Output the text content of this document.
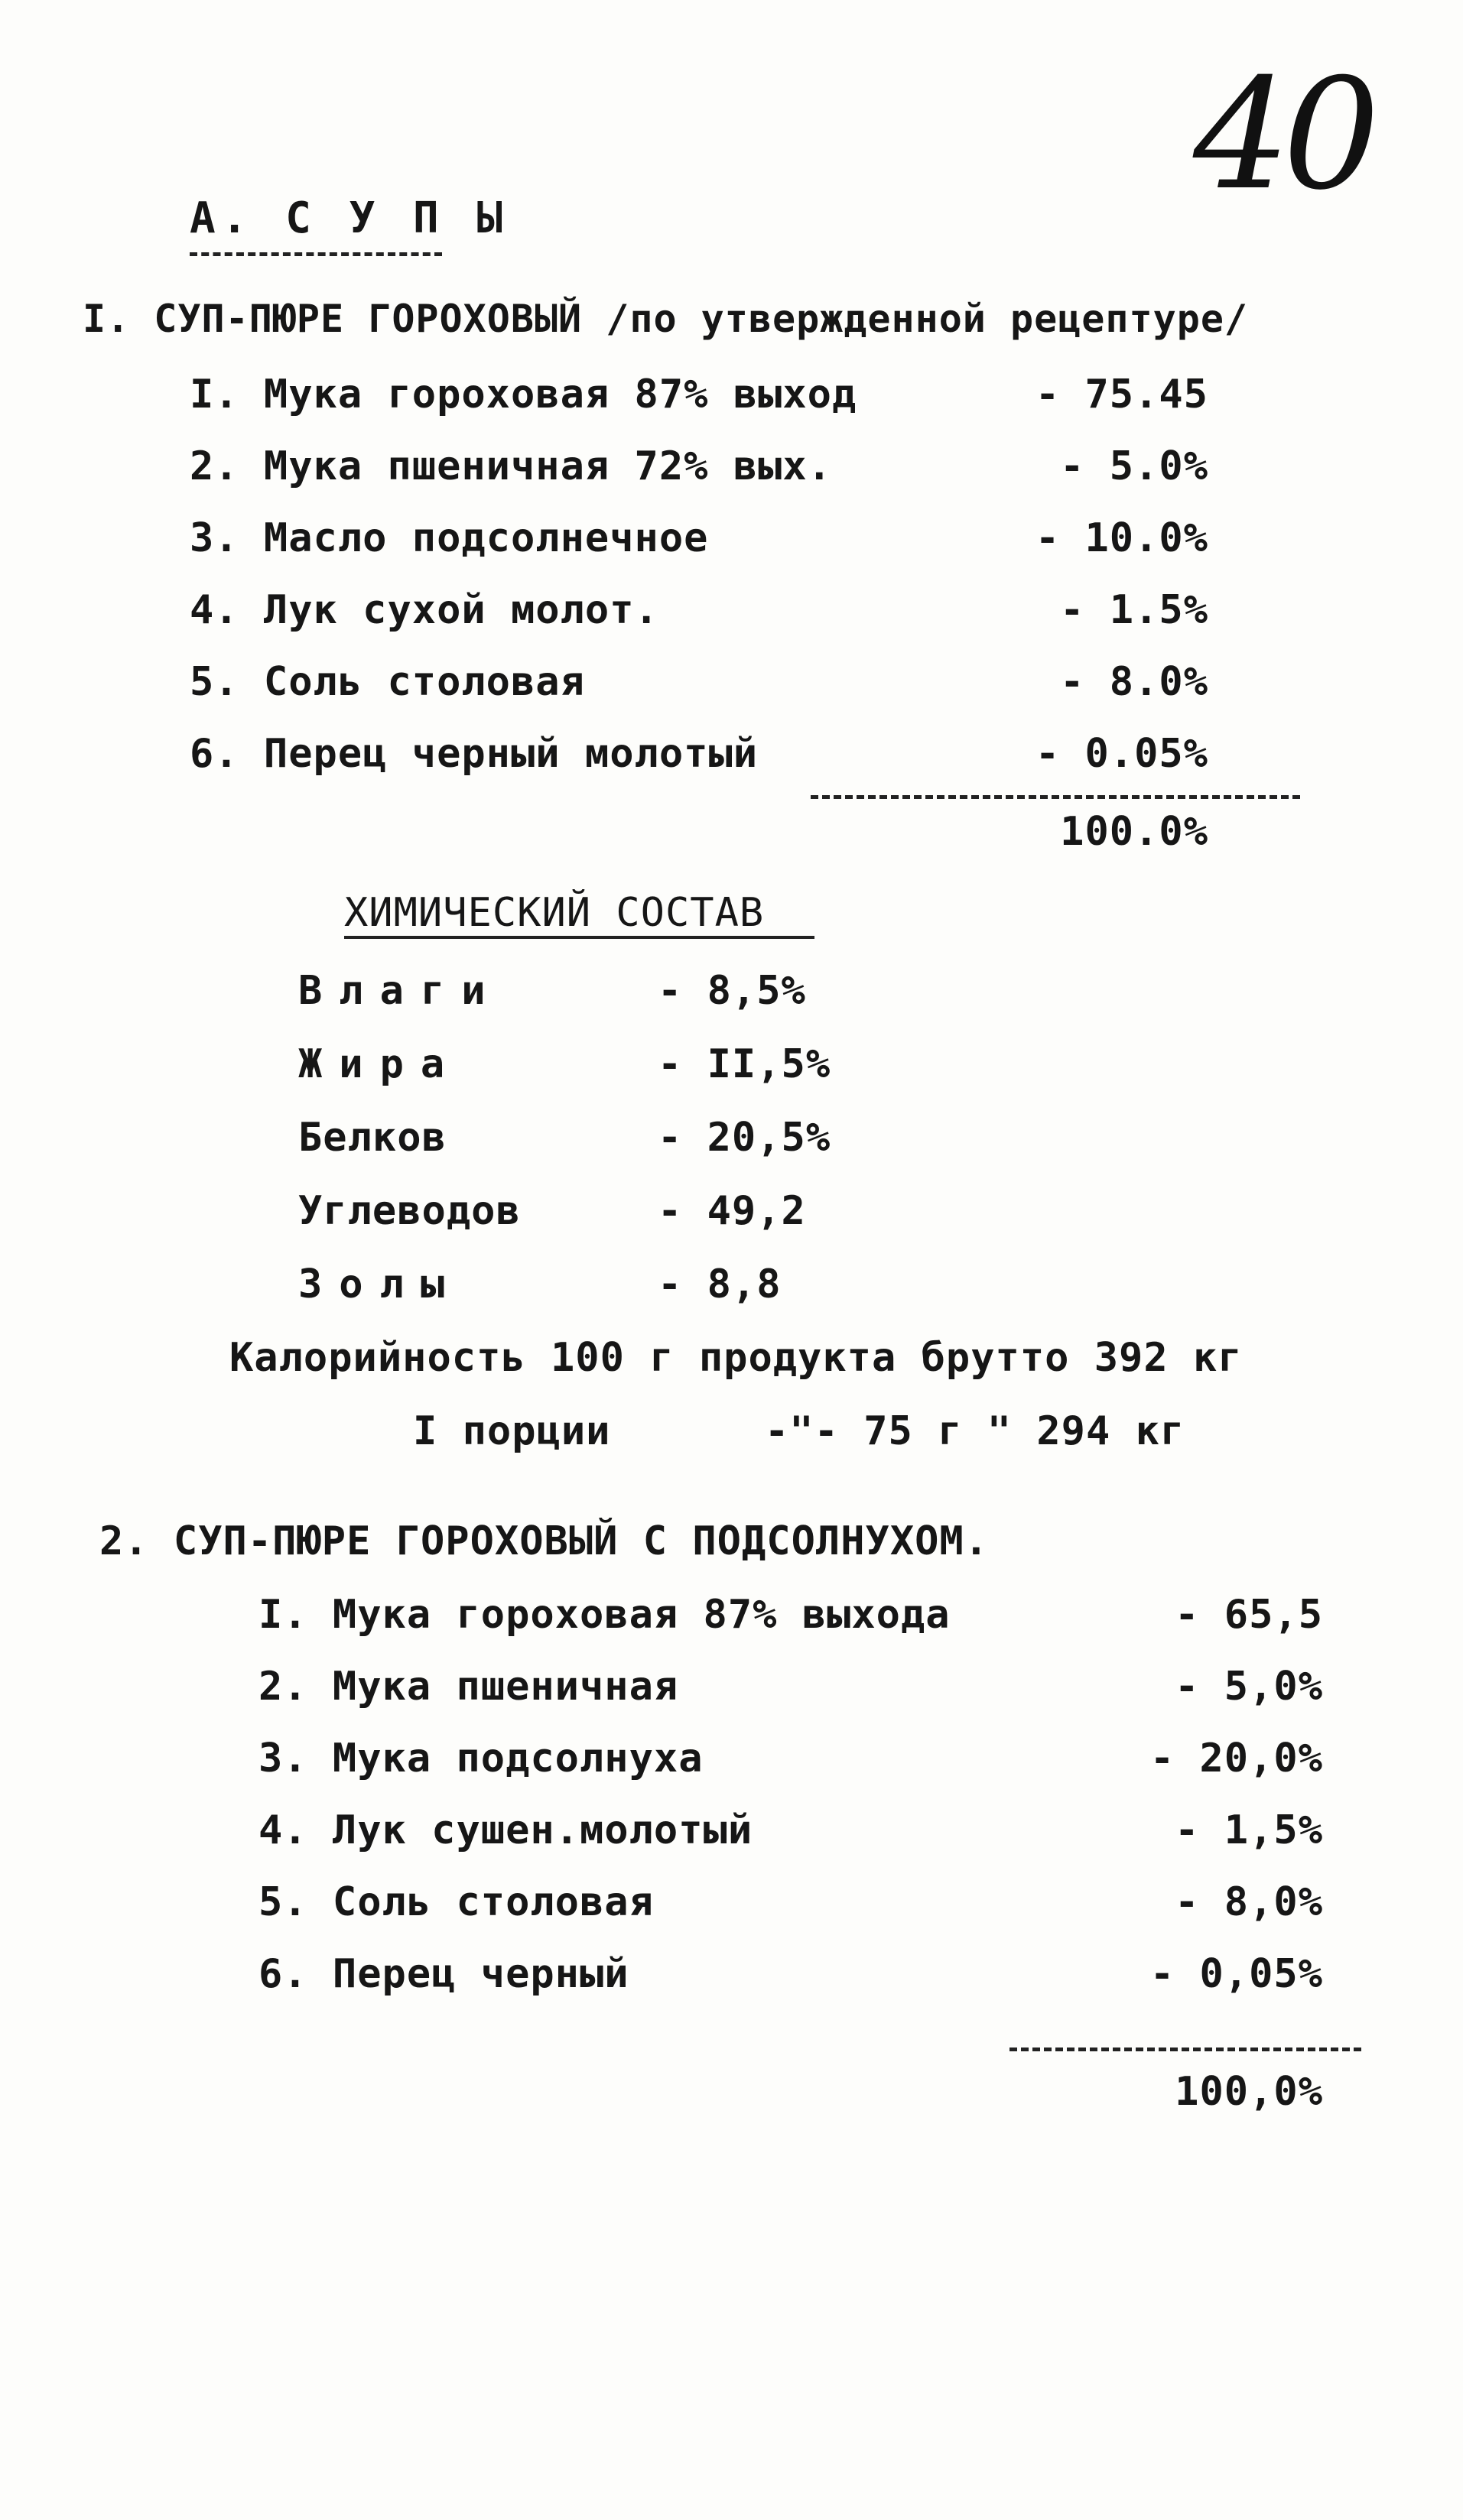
40
А. С У П Ы
I. СУП-ПЮРЕ ГОРОХОВЫЙ /по утвержденной рецептуре/
I. Мука гороховая 87% выход	- 75.45
2. Мука пшеничная 72% вых.	- 5.0%
3. Масло подсолнечное	- 10.0%
4. Лук сухой молот.	- 1.5%
5. Соль столовая	- 8.0%
6. Перец черный молотый	- 0.05%
100.0%
ХИМИЧЕСКИЙ СОСТАВ
Влаги	- 8,5%
Жира	- II,5%
Белков	- 20,5%
Углеводов	- 49,2
Золы	- 8,8
Калорийность 100 г продукта брутто 392 кг
I порции	-"- 75 г " 294 кг
2. СУП-ПЮРЕ ГОРОХОВЫЙ С ПОДСОЛНУХОМ.
I. Мука гороховая 87% выхода	- 65,5
2. Мука пшеничная	- 5,0%
3. Мука подсолнуха	- 20,0%
4. Лук сушен.молотый	- 1,5%
5. Соль столовая	- 8,0%
6. Перец черный	- 0,05%
100,0%
